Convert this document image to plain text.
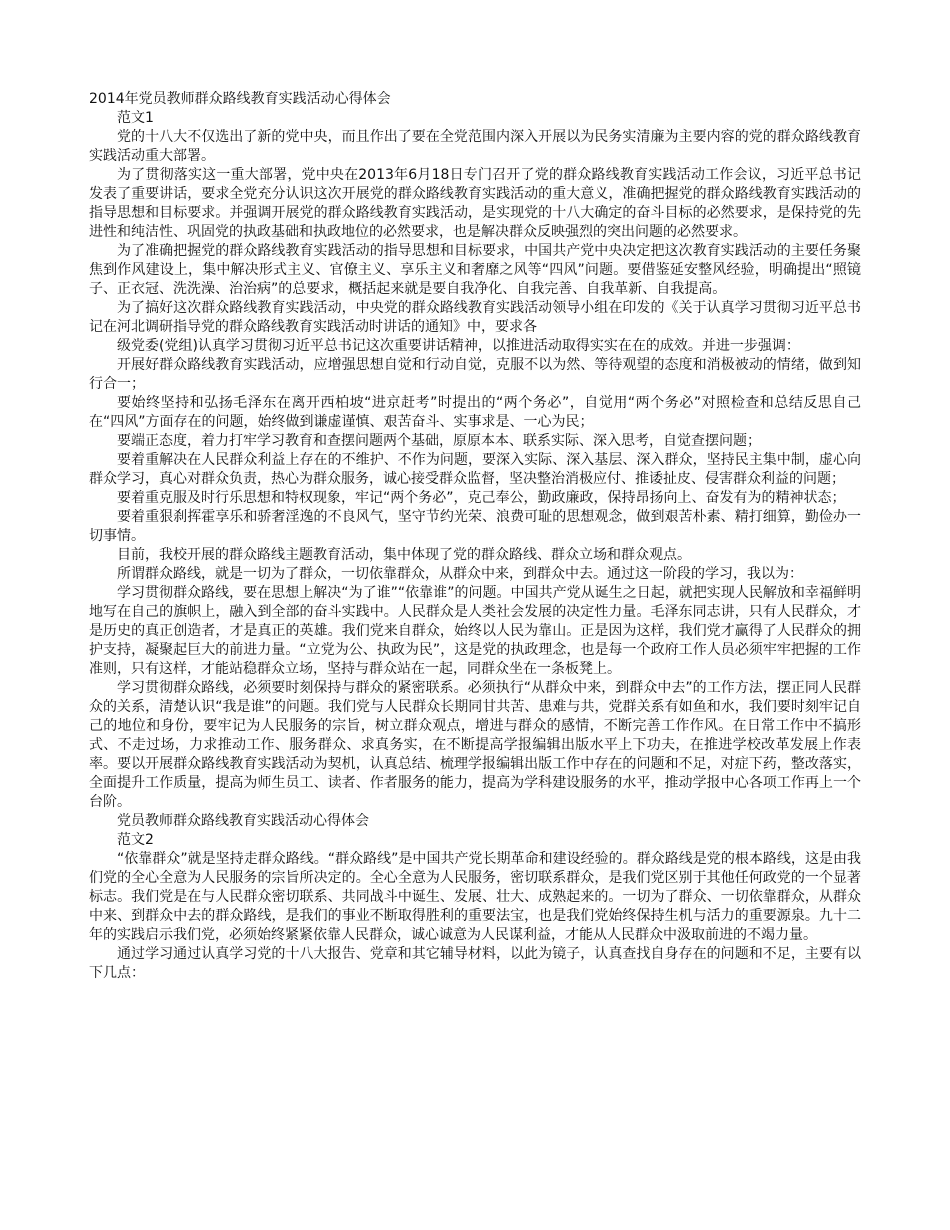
2014年党员教师群众路线教育实践活动心得体会

范文1

党的十八大不仅选出了新的党中央，而且作出了要在全党范围内深入开展以为民务实清廉为主要内容的党的群众路线教育实践活动重大部署。

为了贯彻落实这一重大部署，党中央在2013年6月18日专门召开了党的群众路线教育实践活动工作会议，习近平总书记发表了重要讲话，要求全党充分认识这次开展党的群众路线教育实践活动的重大意义，准确把握党的群众路线教育实践活动的指导思想和目标要求。并强调开展党的群众路线教育实践活动，是实现党的十八大确定的奋斗目标的必然要求，是保持党的先进性和纯洁性、巩固党的执政基础和执政地位的必然要求，也是解决群众反映强烈的突出问题的必然要求。

为了准确把握党的群众路线教育实践活动的指导思想和目标要求，中国共产党中央决定把这次教育实践活动的主要任务聚焦到作风建设上，集中解决形式主义、官僚主义、享乐主义和奢靡之风等“四风”问题。要借鉴延安整风经验，明确提出“照镜子、正衣冠、洗洗澡、治治病”的总要求，概括起来就是要自我净化、自我完善、自我革新、自我提高。

为了搞好这次群众路线教育实践活动，中央党的群众路线教育实践活动领导小组在印发的《关于认真学习贯彻习近平总书记在河北调研指导党的群众路线教育实践活动时讲话的通知》中，要求各

级党委(党组)认真学习贯彻习近平总书记这次重要讲话精神，以推进活动取得实实在在的成效。并进一步强调：

开展好群众路线教育实践活动，应增强思想自觉和行动自觉，克服不以为然、等待观望的态度和消极被动的情绪，做到知行合一；

要始终坚持和弘扬毛泽东在离开西柏坡“进京赶考”时提出的“两个务必”，自觉用“两个务必”对照检查和总结反思自己在“四风”方面存在的问题，始终做到谦虚谨慎、艰苦奋斗、实事求是、一心为民；

要端正态度，着力打牢学习教育和查摆问题两个基础，原原本本、联系实际、深入思考，自觉查摆问题；

要着重解决在人民群众利益上存在的不维护、不作为问题，要深入实际、深入基层、深入群众，坚持民主集中制，虚心向群众学习，真心对群众负责，热心为群众服务，诚心接受群众监督，坚决整治消极应付、推诿扯皮、侵害群众利益的问题；

要着重克服及时行乐思想和特权现象，牢记“两个务必”，克己奉公，勤政廉政，保持昂扬向上、奋发有为的精神状态；

要着重狠刹挥霍享乐和骄奢淫逸的不良风气，坚守节约光荣、浪费可耻的思想观念，做到艰苦朴素、精打细算，勤俭办一切事情。

目前，我校开展的群众路线主题教育活动，集中体现了党的群众路线、群众立场和群众观点。

所谓群众路线，就是一切为了群众，一切依靠群众，从群众中来，到群众中去。通过这一阶段的学习，我以为：

学习贯彻群众路线，要在思想上解决“为了谁”“依靠谁”的问题。中国共产党从诞生之日起，就把实现人民解放和幸福鲜明地写在自己的旗帜上，融入到全部的奋斗实践中。人民群众是人类社会发展的决定性力量。毛泽东同志讲，只有人民群众，才是历史的真正创造者，才是真正的英雄。我们党来自群众，始终以人民为靠山。正是因为这样，我们党才赢得了人民群众的拥护支持，凝聚起巨大的前进力量。“立党为公、执政为民”，这是党的执政理念，也是每一个政府工作人员必须牢牢把握的工作准则，只有这样，才能站稳群众立场，坚持与群众站在一起，同群众坐在一条板凳上。

学习贯彻群众路线，必须要时刻保持与群众的紧密联系。必须执行“从群众中来，到群众中去”的工作方法，摆正同人民群众的关系，清楚认识“我是谁”的问题。我们党与人民群众长期同甘共苦、患难与共，党群关系有如鱼和水，我们要时刻牢记自己的地位和身份，要牢记为人民服务的宗旨，树立群众观点，增进与群众的感情，不断完善工作作风。在日常工作中不搞形式、不走过场，力求推动工作、服务群众、求真务实，在不断提高学报编辑出版水平上下功夫，在推进学校改革发展上作表率。要以开展群众路线教育实践活动为契机，认真总结、梳理学报编辑出版工作中存在的问题和不足，对症下药，整改落实，全面提升工作质量，提高为师生员工、读者、作者服务的能力，提高为学科建设服务的水平，推动学报中心各项工作再上一个台阶。

党员教师群众路线教育实践活动心得体会

范文2

“依靠群众”就是坚持走群众路线。“群众路线”是中国共产党长期革命和建设经验的。群众路线是党的根本路线，这是由我们党的全心全意为人民服务的宗旨所决定的。全心全意为人民服务，密切联系群众，是我们党区别于其他任何政党的一个显著标志。我们党是在与人民群众密切联系、共同战斗中诞生、发展、壮大、成熟起来的。一切为了群众、一切依靠群众，从群众中来、到群众中去的群众路线，是我们的事业不断取得胜利的重要法宝，也是我们党始终保持生机与活力的重要源泉。九十二年的实践启示我们党，必须始终紧紧依靠人民群众，诚心诚意为人民谋利益，才能从人民群众中汲取前进的不竭力量。

通过学习通过认真学习党的十八大报告、党章和其它辅导材料，以此为镜子，认真查找自身存在的问题和不足，主要有以下几点：
